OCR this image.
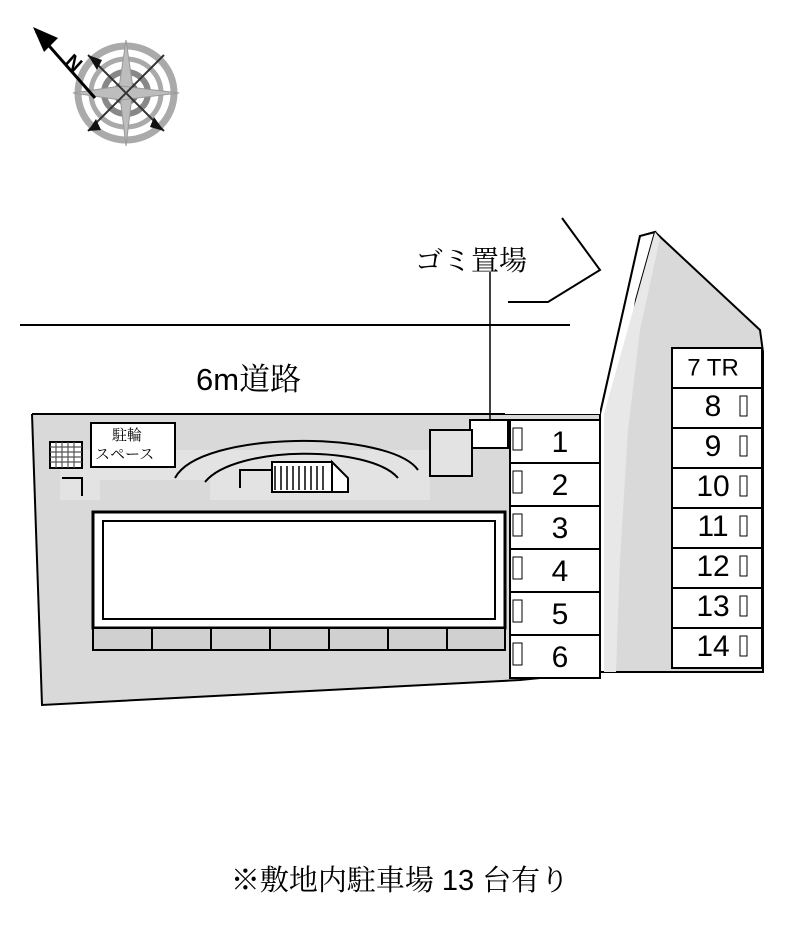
N
6m道路
ゴミ置場
駐輪
スペース	1
2
3
4
5
6
7 TR
8
9
10
11
12
13
14
※敷地内駐車場 13 台有り
